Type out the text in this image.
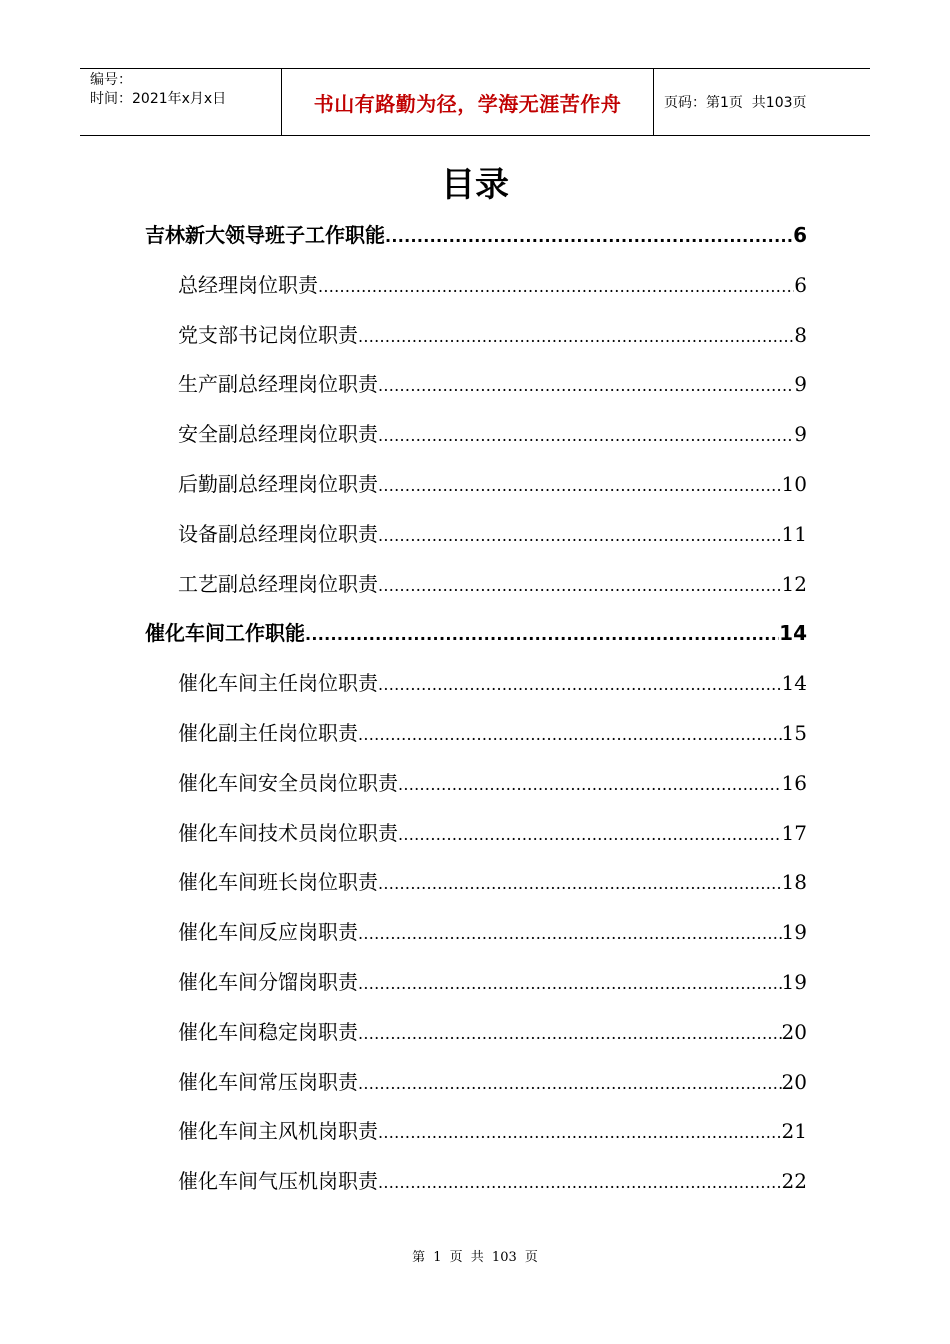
编号：
时间：2021年x月x日	书山有路勤为径，学海无涯苦作舟	页码：第1页  共103页
目录
吉林新大领导班子工作职能 .....	6
总经理岗位职责 .....	6
党支部书记岗位职责 .....	8
生产副总经理岗位职责 .....	9
安全副总经理岗位职责 .....	9
后勤副总经理岗位职责 .....	10
设备副总经理岗位职责 .....	11
工艺副总经理岗位职责 .....	12
催化车间工作职能 .....	14
催化车间主任岗位职责 .....	14
催化副主任岗位职责 .....	15
催化车间安全员岗位职责 .....	16
催化车间技术员岗位职责 .....	17
催化车间班长岗位职责 .....	18
催化车间反应岗职责 .....	19
催化车间分馏岗职责 .....	19
催化车间稳定岗职责 .....	20
催化车间常压岗职责 .....	20
催化车间主风机岗职责 .....	21
催化车间气压机岗职责 .....	22
第 1 页 共 103 页
